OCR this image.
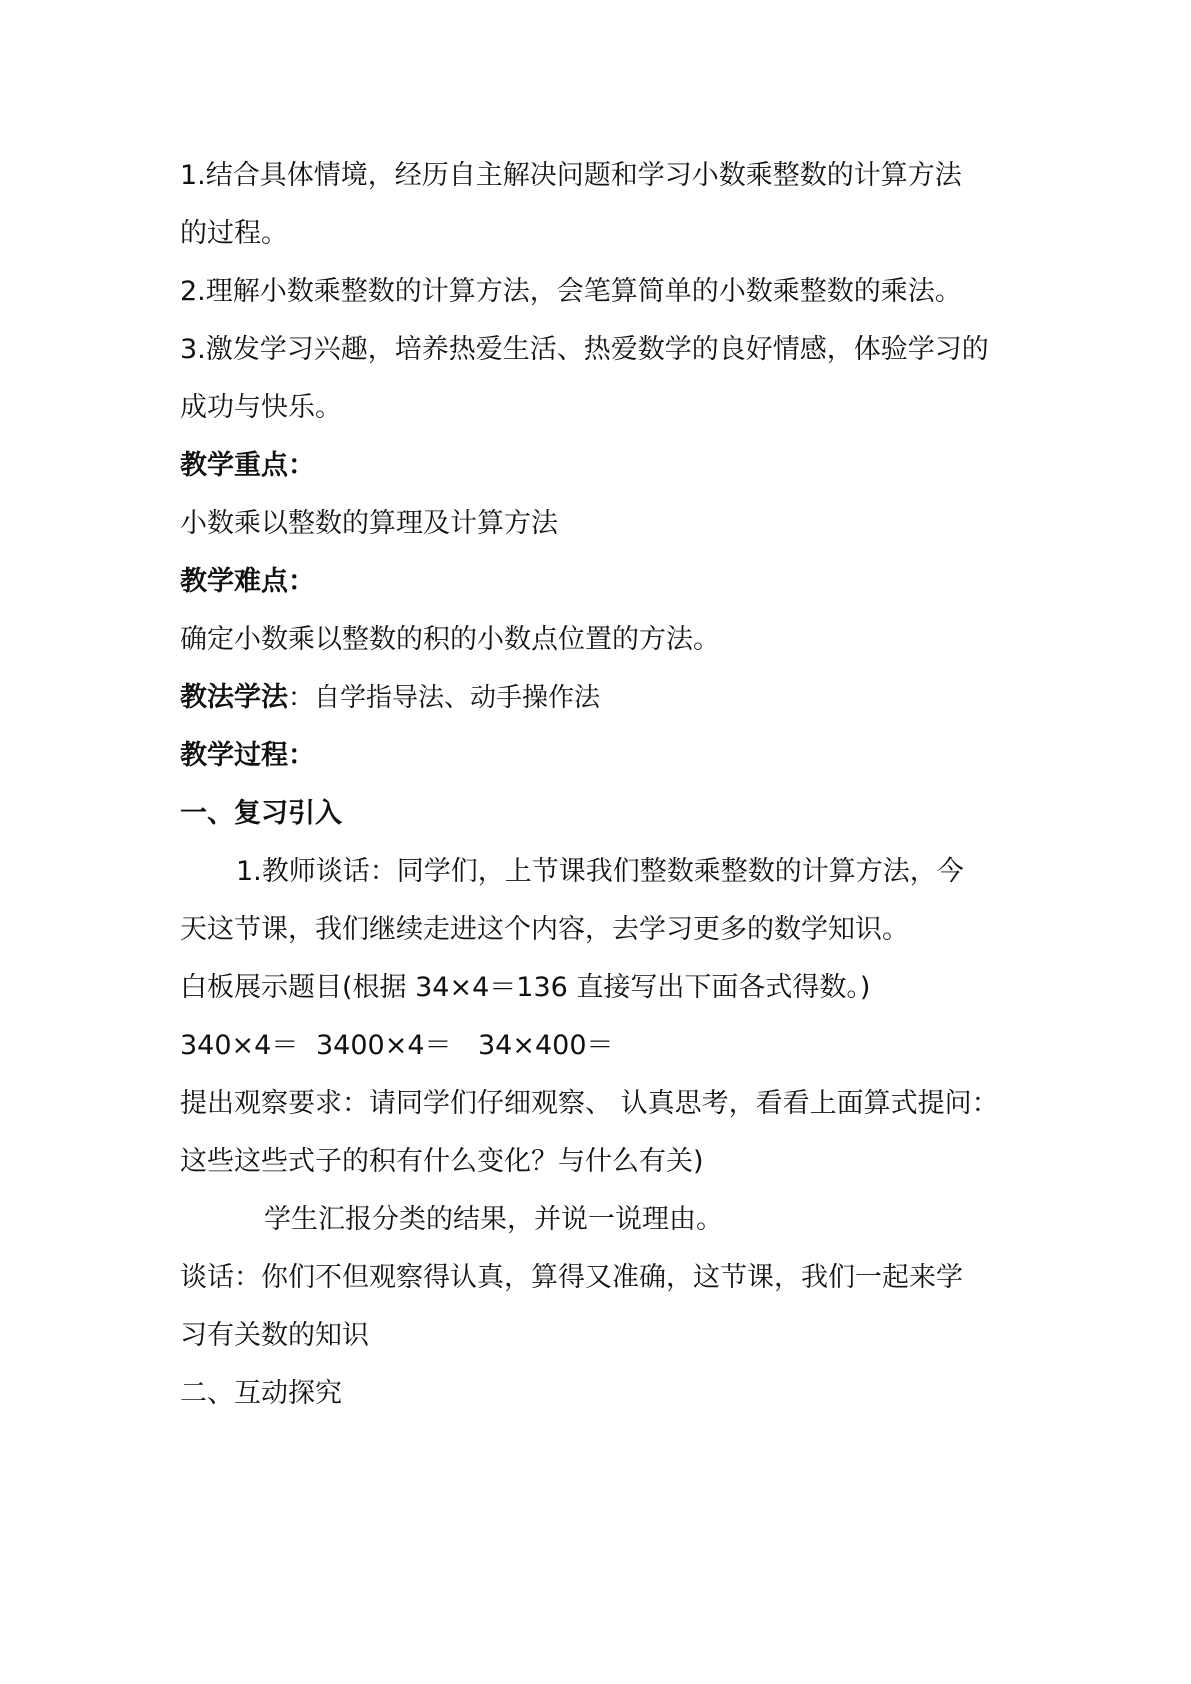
1.结合具体情境，经历自主解决问题和学习小数乘整数的计算方法
的过程。
2.理解小数乘整数的计算方法，会笔算简单的小数乘整数的乘法。
3.激发学习兴趣，培养热爱生活、热爱数学的良好情感，体验学习的
成功与快乐。
教学重点：
小数乘以整数的算理及计算方法
教学难点：
确定小数乘以整数的积的小数点位置的方法。
教法学法：自学指导法、动手操作法
教学过程：
一、复习引入
1.教师谈话：同学们，上节课我们整数乘整数的计算方法，今
天这节课，我们继续走进这个内容，去学习更多的数学知识。
白板展示题目(根据 34×4＝136 直接写出下面各式得数。)
340×4＝ 3400×4＝ 34×400＝
提出观察要求：请同学们仔细观察、 认真思考，看看上面算式提问：
这些这些式子的积有什么变化？与什么有关)
学生汇报分类的结果，并说一说理由。
谈话：你们不但观察得认真，算得又准确，这节课，我们一起来学
习有关数的知识
二、互动探究
